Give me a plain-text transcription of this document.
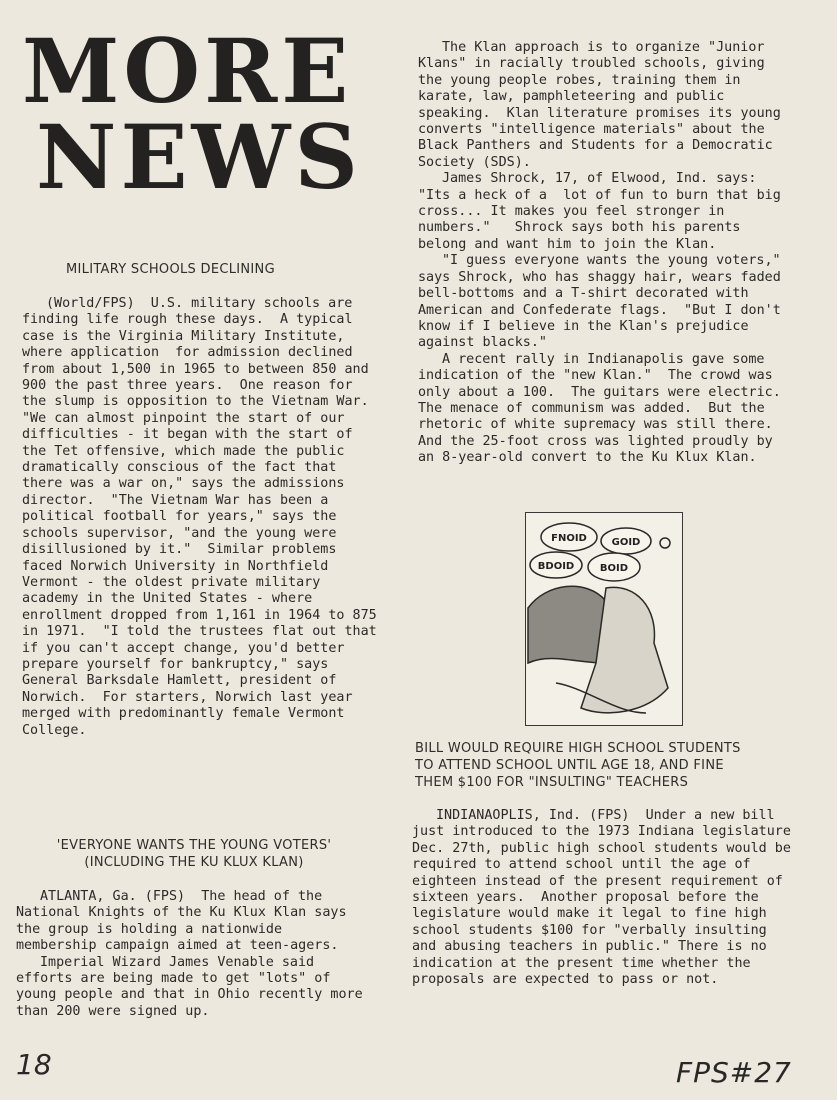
MORE
NEWS
MILITARY SCHOOLS DECLINING

(World/FPS)  U.S. military schools are finding life rough these days.  A typical case is the Virginia Military Institute, where application  for admission declined from about 1,500 in 1965 to between 850 and 900 the past three years.  One reason for the slump is opposition to the Vietnam War.  "We can almost pinpoint the start of our difficulties - it began with the start of the Tet offensive, which made the public dramatically conscious of the fact that there was a war on," says the admissions director.  "The Vietnam War has been a political football for years," says the schools supervisor, "and the young were disillusioned by it."  Similar problems faced Norwich University in Northfield Vermont - the oldest private military academy in the United States - where enrollment dropped from 1,161 in 1964 to 875 in 1971.  "I told the trustees flat out that if you can't accept change, you'd better prepare yourself for bankruptcy," says General Barksdale Hamlett, president of Norwich.  For starters, Norwich last year merged with predominantly female Vermont College.

'EVERYONE WANTS THE YOUNG VOTERS'
(INCLUDING THE KU KLUX KLAN)

ATLANTA, Ga. (FPS)  The head of the National Knights of the Ku Klux Klan says the group is holding a nationwide membership campaign aimed at teen-agers.

Imperial Wizard James Venable said efforts are being made to get "lots" of young people and that in Ohio recently more than 200 were signed up.

The Klan approach is to organize "Junior Klans" in racially troubled schools, giving the young people robes, training them in karate, law, pamphleteering and public speaking.  Klan literature promises its young converts "intelligence materials" about the Black Panthers and Students for a Democratic Society (SDS).

James Shrock, 17, of Elwood, Ind. says: "Its a heck of a  lot of fun to burn that big cross... It makes you feel stronger in numbers."   Shrock says both his parents belong and want him to join the Klan.

"I guess everyone wants the young voters," says Shrock, who has shaggy hair, wears faded bell-bottoms and a T-shirt decorated with American and Confederate flags.  "But I don't know if I believe in the Klan's prejudice against blacks."

A recent rally in Indianapolis gave some indication of the "new Klan."  The crowd was only about a 100.  The guitars were electric.  The menace of communism was added.  But the rhetoric of white supremacy was still there.  And the 25-foot cross was lighted proudly by an 8-year-old convert to the Ku Klux Klan.

FNOID GOID
BDOID	BOID
BILL WOULD REQUIRE HIGH SCHOOL STUDENTS
TO ATTEND SCHOOL UNTIL AGE 18, AND FINE
THEM $100 FOR "INSULTING" TEACHERS

INDIANAOPLIS, Ind. (FPS)  Under a new bill just introduced to the 1973 Indiana legislature Dec. 27th, public high school students would be required to attend school until the age of eighteen instead of the present requirement of sixteen years.  Another proposal before the legislature would make it legal to fine high school students $100 for "verbally insulting and abusing teachers in public." There is no indication at the present time whether the proposals are expected to pass or not.

18	FPS#27
